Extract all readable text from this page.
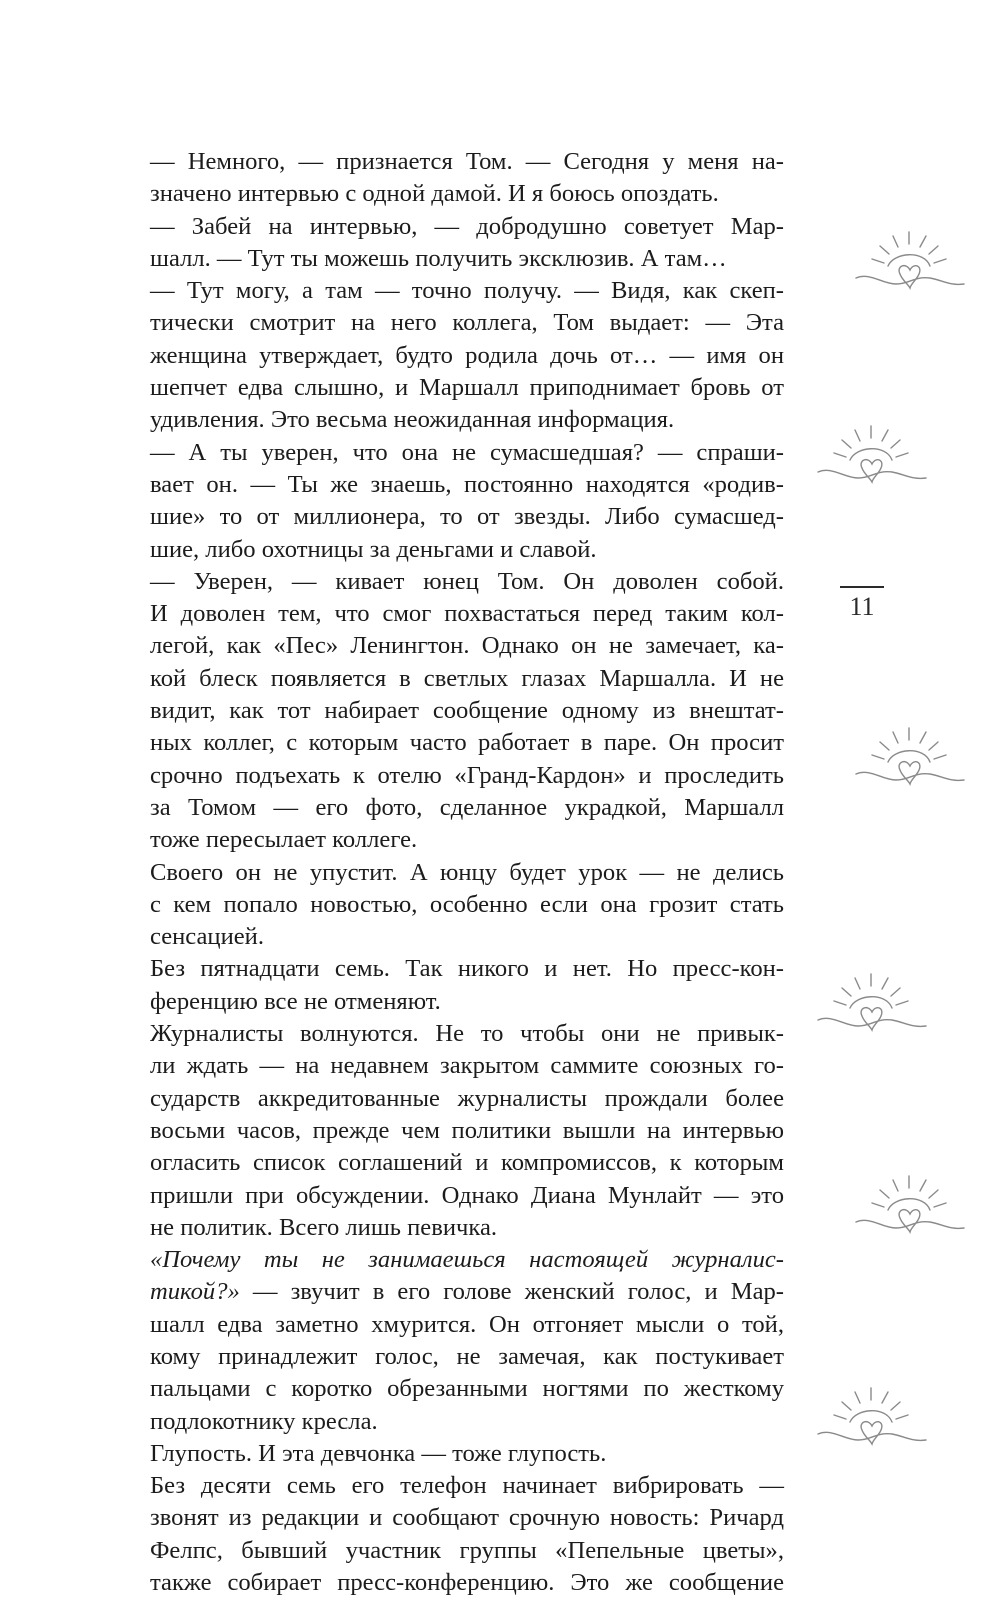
— Немного, — признается Том. — Сегодня у меня на-
значено интервью с одной дамой. И я боюсь опоздать.
— Забей на интервью, — добродушно советует Мар-
шалл. — Тут ты можешь получить эксклюзив. А там…
— Тут могу, а там — точно получу. — Видя, как скеп-
тически смотрит на него коллега, Том выдает: — Эта
женщина утверждает, будто родила дочь от… — имя он
шепчет едва слышно, и Маршалл приподнимает бровь от
удивления. Это весьма неожиданная информация.
— А ты уверен, что она не сумасшедшая? — спраши-
вает он. — Ты же знаешь, постоянно находятся «родив-
шие» то от миллионера, то от звезды. Либо сумасшед-
шие, либо охотницы за деньгами и славой.
— Уверен, — кивает юнец Том. Он доволен собой.
И доволен тем, что смог похвастаться перед таким кол-
легой, как «Пес» Ленингтон. Однако он не замечает, ка-
кой блеск появляется в светлых глазах Маршалла. И не
видит, как тот набирает сообщение одному из внештат-
ных коллег, с которым часто работает в паре. Он просит
срочно подъехать к отелю «Гранд-Кардон» и проследить
за Томом — его фото, сделанное украдкой, Маршалл
тоже пересылает коллеге.
Своего он не упустит. А юнцу будет урок — не делись
с кем попало новостью, особенно если она грозит стать
сенсацией.
Без пятнадцати семь. Так никого и нет. Но пресс-кон-
ференцию все не отменяют.
Журналисты волнуются. Не то чтобы они не привык-
ли ждать — на недавнем закрытом саммите союзных го-
сударств аккредитованные журналисты прождали более
восьми часов, прежде чем политики вышли на интервью
огласить список соглашений и компромиссов, к которым
пришли при обсуждении. Однако Диана Мунлайт — это
не политик. Всего лишь певичка.
«Почему ты не занимаешься настоящей журналис-
тикой?» — звучит в его голове женский голос, и Мар-
шалл едва заметно хмурится. Он отгоняет мысли о той,
кому принадлежит голос, не замечая, как постукивает
пальцами с коротко обрезанными ногтями по жесткому
подлокотнику кресла.
Глупость. И эта девчонка — тоже глупость.
Без десяти семь его телефон начинает вибрировать —
звонят из редакции и сообщают срочную новость: Ричард
Фелпс, бывший участник группы «Пепельные цветы»,
также собирает пресс-конференцию. Это же сообщение
11
